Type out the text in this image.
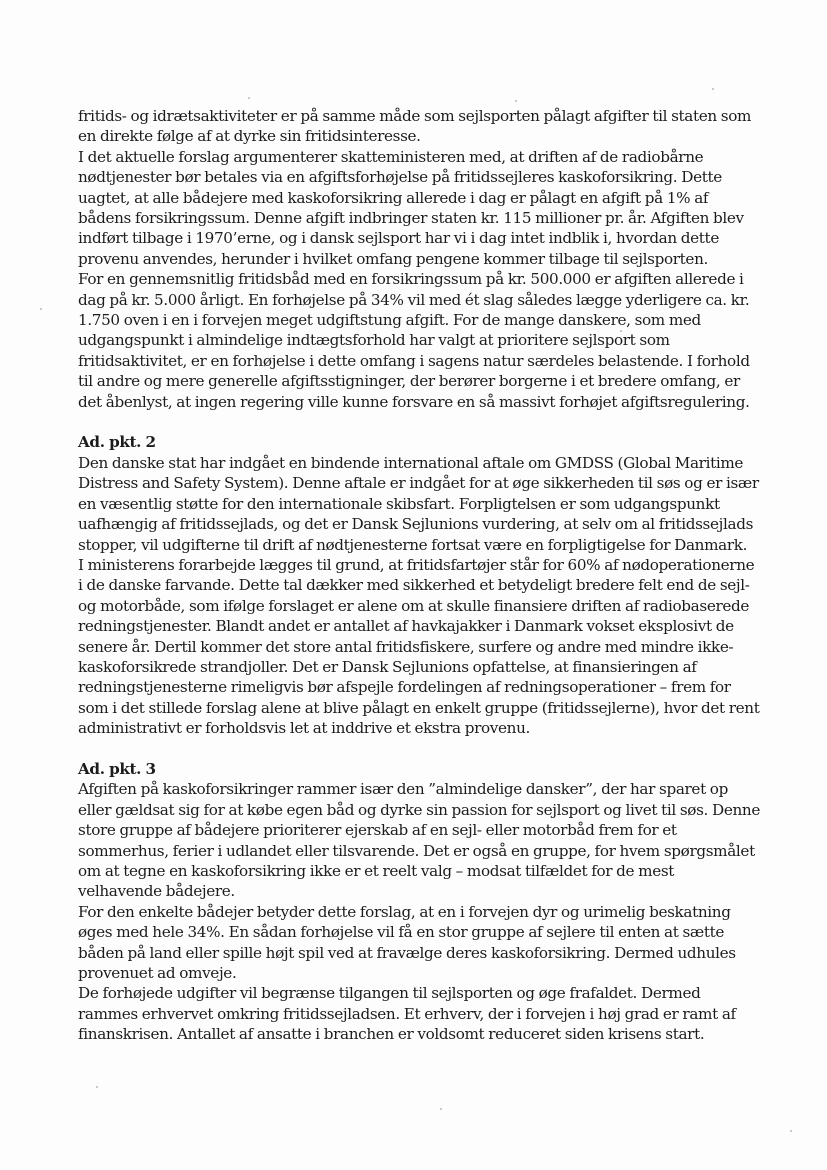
fritids- og idrætsaktiviteter er på samme måde som sejlsporten pålagt afgifter til staten som en direkte følge af at dyrke sin fritidsinteresse.

I det aktuelle forslag argumenterer skatteministeren med, at driften af de radiobårne nødtjenester bør betales via en afgiftsforhøjelse på fritidssejleres kaskoforsikring. Dette uagtet, at alle bådejere med kaskoforsikring allerede i dag er pålagt en afgift på 1% af bådens forsikringssum. Denne afgift indbringer staten kr. 115 millioner pr. år. Afgiften blev indført tilbage i 1970’erne, og i dansk sejlsport har vi i dag intet indblik i, hvordan dette provenu anvendes, herunder i hvilket omfang pengene kommer tilbage til sejlsporten.

For en gennemsnitlig fritidsbåd med en forsikringssum på kr. 500.000 er afgiften allerede i dag på kr. 5.000 årligt. En forhøjelse på 34% vil med ét slag således lægge yderligere ca. kr. 1.750 oven i en i forvejen meget udgiftstung afgift. For de mange danskere, som med udgangspunkt i almindelige indtægtsforhold har valgt at prioritere sejlsport som fritidsaktivitet, er en forhøjelse i dette omfang i sagens natur særdeles belastende. I forhold til andre og mere generelle afgiftsstigninger, der berører borgerne i et bredere omfang, er det åbenlyst, at ingen regering ville kunne forsvare en så massivt forhøjet afgiftsregulering.

Ad. pkt. 2

Den danske stat har indgået en bindende international aftale om GMDSS (Global Maritime Distress and Safety System). Denne aftale er indgået for at øge sikkerheden til søs og er især en væsentlig støtte for den internationale skibsfart. Forpligtelsen er som udgangspunkt uafhængig af fritidssejlads, og det er Dansk Sejlunions vurdering, at selv om al fritidssejlads stopper, vil udgifterne til drift af nødtjenesterne fortsat være en forpligtigelse for Danmark.

I ministerens forarbejde lægges til grund, at fritidsfartøjer står for 60% af nødoperationerne i de danske farvande. Dette tal dækker med sikkerhed et betydeligt bredere felt end de sejl- og motorbåde, som ifølge forslaget er alene om at skulle finansiere driften af radiobaserede redningstjenester. Blandt andet er antallet af havkajakker i Danmark vokset eksplosivt de senere år. Dertil kommer det store antal fritidsfiskere, surfere og andre med mindre ikke-kaskoforsikrede strandjoller. Det er Dansk Sejlunions opfattelse, at finansieringen af redningstjenesterne rimeligvis bør afspejle fordelingen af redningsoperationer – frem for som i det stillede forslag alene at blive pålagt en enkelt gruppe (fritidssejlerne), hvor det rent administrativt er forholdsvis let at inddrive et ekstra provenu.

Ad. pkt. 3

Afgiften på kaskoforsikringer rammer især den ”almindelige dansker”, der har sparet op eller gældsat sig for at købe egen båd og dyrke sin passion for sejlsport og livet til søs. Denne store gruppe af bådejere prioriterer ejerskab af en sejl- eller motorbåd frem for et sommerhus, ferier i udlandet eller tilsvarende. Det er også en gruppe, for hvem spørgsmålet om at tegne en kaskoforsikring ikke er et reelt valg – modsat tilfældet for de mest velhavende bådejere.

For den enkelte bådejer betyder dette forslag, at en i forvejen dyr og urimelig beskatning øges med hele 34%. En sådan forhøjelse vil få en stor gruppe af sejlere til enten at sætte båden på land eller spille højt spil ved at fravælge deres kaskoforsikring. Dermed udhules provenuet ad omveje.

De forhøjede udgifter vil begrænse tilgangen til sejlsporten og øge frafaldet. Dermed rammes erhvervet omkring fritidssejladsen. Et erhverv, der i forvejen i høj grad er ramt af finanskrisen. Antallet af ansatte i branchen er voldsomt reduceret siden krisens start.
